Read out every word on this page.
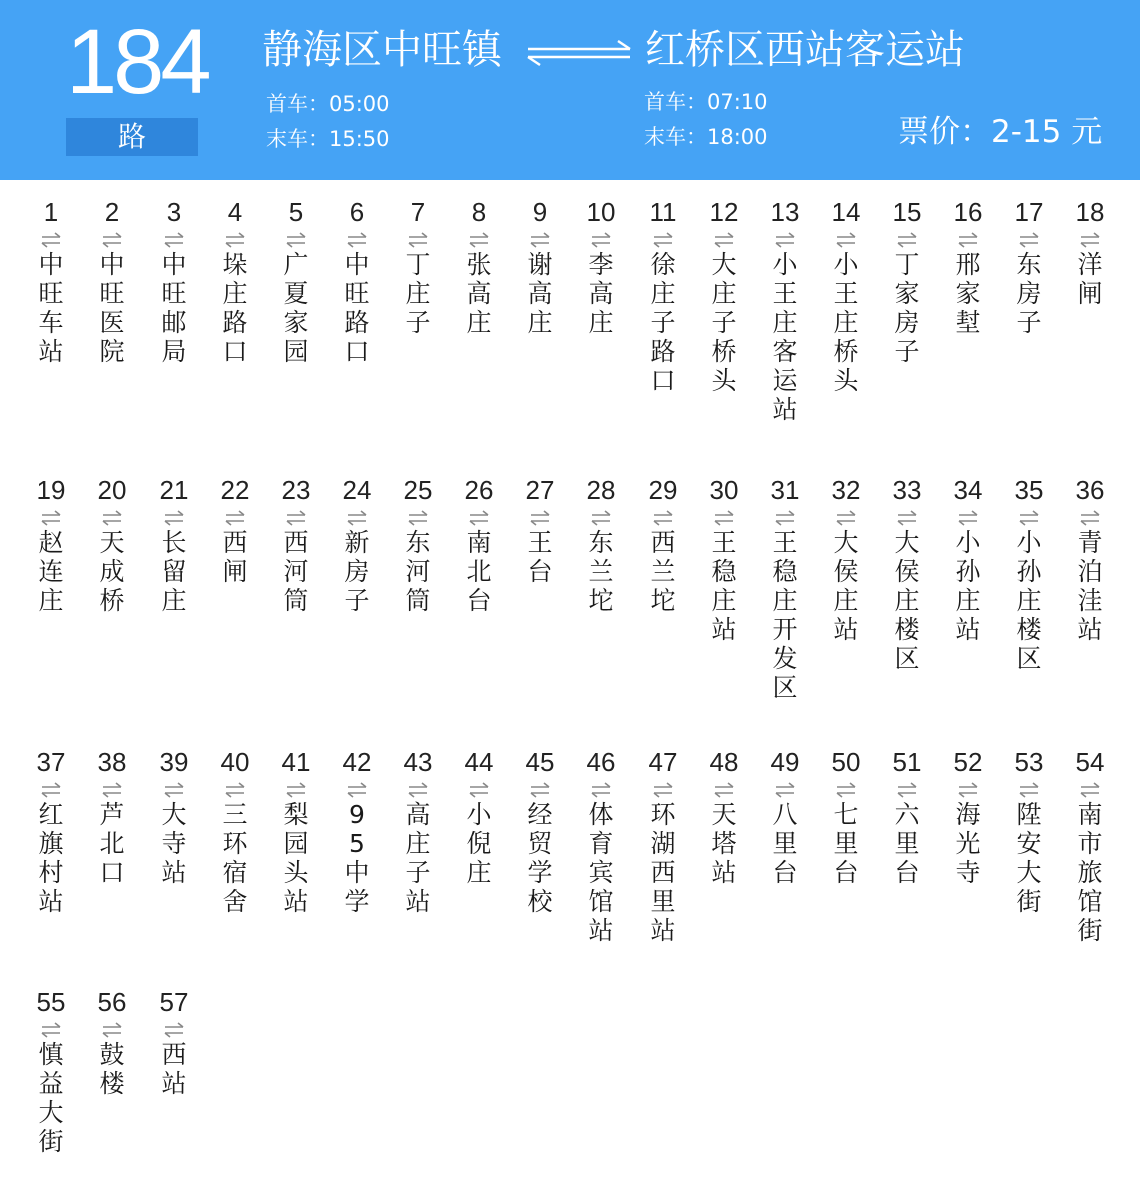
184
路
静海区中旺镇	红桥区西站客运站
首车：05:00
末车：15:50
首车：07:10
末车：18:00	票价：2-15 元
1
中旺车站
2
中旺医院
3
中旺邮局
4
垛庄路口
5
广夏家园
6
中旺路口
7
丁庄子
8
张高庄
9
谢高庄
10
李高庄
11
徐庄子路口
12
大庄子桥头
13
小王庄客运站
14
小王庄桥头
15
丁家房子
16
邢家堼
17
东房子
18
洋闸
19
赵连庄
20
天成桥
21
长留庄
22
西闸
23
西河筒
24
新房子
25
东河筒
26
南北台
27
王台
28
东兰坨
29
西兰坨
30
王稳庄站
31
王稳庄开发区
32
大侯庄站
33
大侯庄楼区
34
小孙庄站
35
小孙庄楼区
36
青泊洼站
37
红旗村站
38
芦北口
39
大寺站
40
三环宿舍
41
梨园头站
42
95中学
43
高庄子站
44
小倪庄
45
经贸学校
46
体育宾馆站
47
环湖西里站
48
天塔站
49
八里台
50
七里台
51
六里台
52
海光寺
53
陞安大街
54
南市旅馆街
55
慎益大街
56
鼓楼
57
西站
